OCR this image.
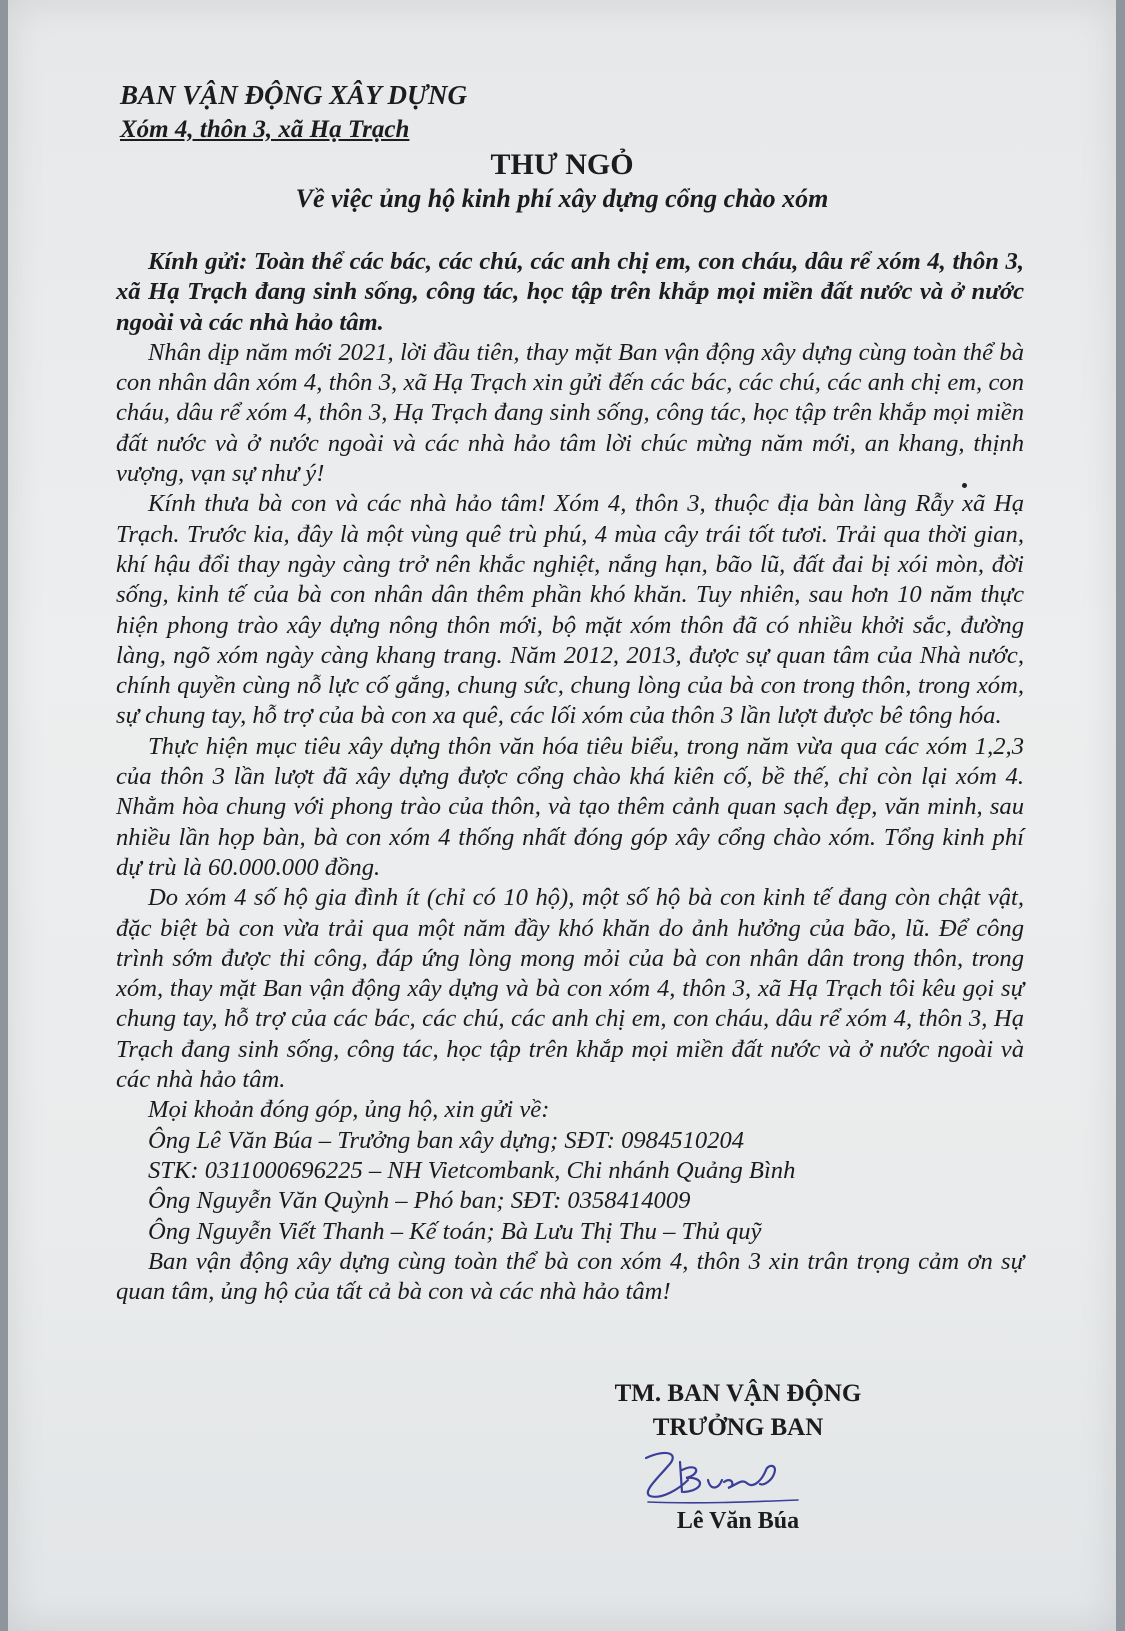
BAN VẬN ĐỘNG XÂY DỰNG
Xóm 4, thôn 3, xã Hạ Trạch
THƯ NGỎ
Về việc ủng hộ kinh phí xây dựng cổng chào xóm

Kính gửi: Toàn thể các bác, các chú, các anh chị em, con cháu, dâu rể xóm 4, thôn 3, xã Hạ Trạch đang sinh sống, công tác, học tập trên khắp mọi miền đất nước và ở nước ngoài và các nhà hảo tâm.

Nhân dịp năm mới 2021, lời đầu tiên, thay mặt Ban vận động xây dựng cùng toàn thể bà con nhân dân xóm 4, thôn 3, xã Hạ Trạch xin gửi đến các bác, các chú, các anh chị em, con cháu, dâu rể xóm 4, thôn 3, Hạ Trạch đang sinh sống, công tác, học tập trên khắp mọi miền đất nước và ở nước ngoài và các nhà hảo tâm lời chúc mừng năm mới, an khang, thịnh vượng, vạn sự như ý!

Kính thưa bà con và các nhà hảo tâm! Xóm 4, thôn 3, thuộc địa bàn làng Rẫy xã Hạ Trạch. Trước kia, đây là một vùng quê trù phú, 4 mùa cây trái tốt tươi. Trải qua thời gian, khí hậu đổi thay ngày càng trở nên khắc nghiệt, nắng hạn, bão lũ, đất đai bị xói mòn, đời sống, kinh tế của bà con nhân dân thêm phần khó khăn. Tuy nhiên, sau hơn 10 năm thực hiện phong trào xây dựng nông thôn mới, bộ mặt xóm thôn đã có nhiều khởi sắc, đường làng, ngõ xóm ngày càng khang trang. Năm 2012, 2013, được sự quan tâm của Nhà nước, chính quyền cùng nỗ lực cố gắng, chung sức, chung lòng của bà con trong thôn, trong xóm, sự chung tay, hỗ trợ của bà con xa quê, các lối xóm của thôn 3 lần lượt được bê tông hóa.

Thực hiện mục tiêu xây dựng thôn văn hóa tiêu biểu, trong năm vừa qua các xóm 1,2,3 của thôn 3 lần lượt đã xây dựng được cổng chào khá kiên cố, bề thế, chỉ còn lại xóm 4. Nhằm hòa chung với phong trào của thôn, và tạo thêm cảnh quan sạch đẹp, văn minh, sau nhiều lần họp bàn, bà con xóm 4 thống nhất đóng góp xây cổng chào xóm. Tổng kinh phí dự trù là 60.000.000 đồng.

Do xóm 4 số hộ gia đình ít (chỉ có 10 hộ), một số hộ bà con kinh tế đang còn chật vật, đặc biệt bà con vừa trải qua một năm đầy khó khăn do ảnh hưởng của bão, lũ. Để công trình sớm được thi công, đáp ứng lòng mong mỏi của bà con nhân dân trong thôn, trong xóm, thay mặt Ban vận động xây dựng và bà con xóm 4, thôn 3, xã Hạ Trạch tôi kêu gọi sự chung tay, hỗ trợ của các bác, các chú, các anh chị em, con cháu, dâu rể xóm 4, thôn 3, Hạ Trạch đang sinh sống, công tác, học tập trên khắp mọi miền đất nước và ở nước ngoài và các nhà hảo tâm.

Mọi khoản đóng góp, ủng hộ, xin gửi về:

Ông Lê Văn Búa – Trưởng ban xây dựng; SĐT: 0984510204

STK: 0311000696225 – NH Vietcombank, Chi nhánh Quảng Bình

Ông Nguyễn Văn Quỳnh – Phó ban; SĐT: 0358414009

Ông Nguyễn Viết Thanh – Kế toán; Bà Lưu Thị Thu – Thủ quỹ

Ban vận động xây dựng cùng toàn thể bà con xóm 4, thôn 3 xin trân trọng cảm ơn sự quan tâm, ủng hộ của tất cả bà con và các nhà hảo tâm!

TM. BAN VẬN ĐỘNG
TRƯỞNG BAN
Lê Văn Búa
